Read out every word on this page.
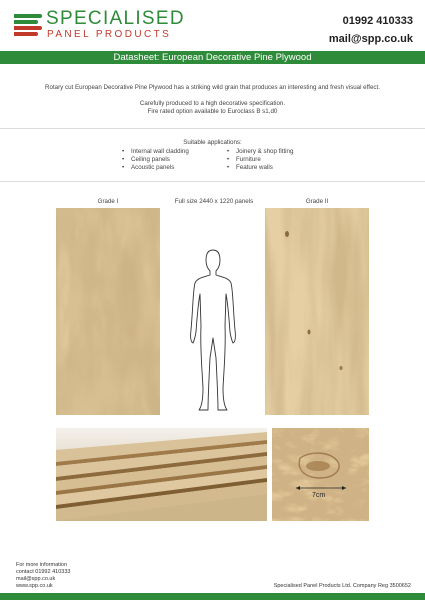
SPECIALISED
PANEL PRODUCTS
01992 410333
mail@spp.co.uk
Datasheet: European Decorative Pine Plywood
Rotary cut European Decorative Pine Plywood has a striking wild grain that produces an interesting and fresh visual effect.
Carefully produced to a high decorative specification.
Fire rated option available to Euroclass B s1,d0
Suitable applications:
• Internal wall cladding
• Ceiling panels
• Acoustic panels
• Joinery & shop fitting
• Furniture
• Feature walls
Grade I	Full size 2440 x 1220 panels	Grade II
7cm
For more information
contact 01992 410333
mail@spp.co.uk
www.spp.co.uk	Specialised Panel Products Ltd. Company Reg 3500652
